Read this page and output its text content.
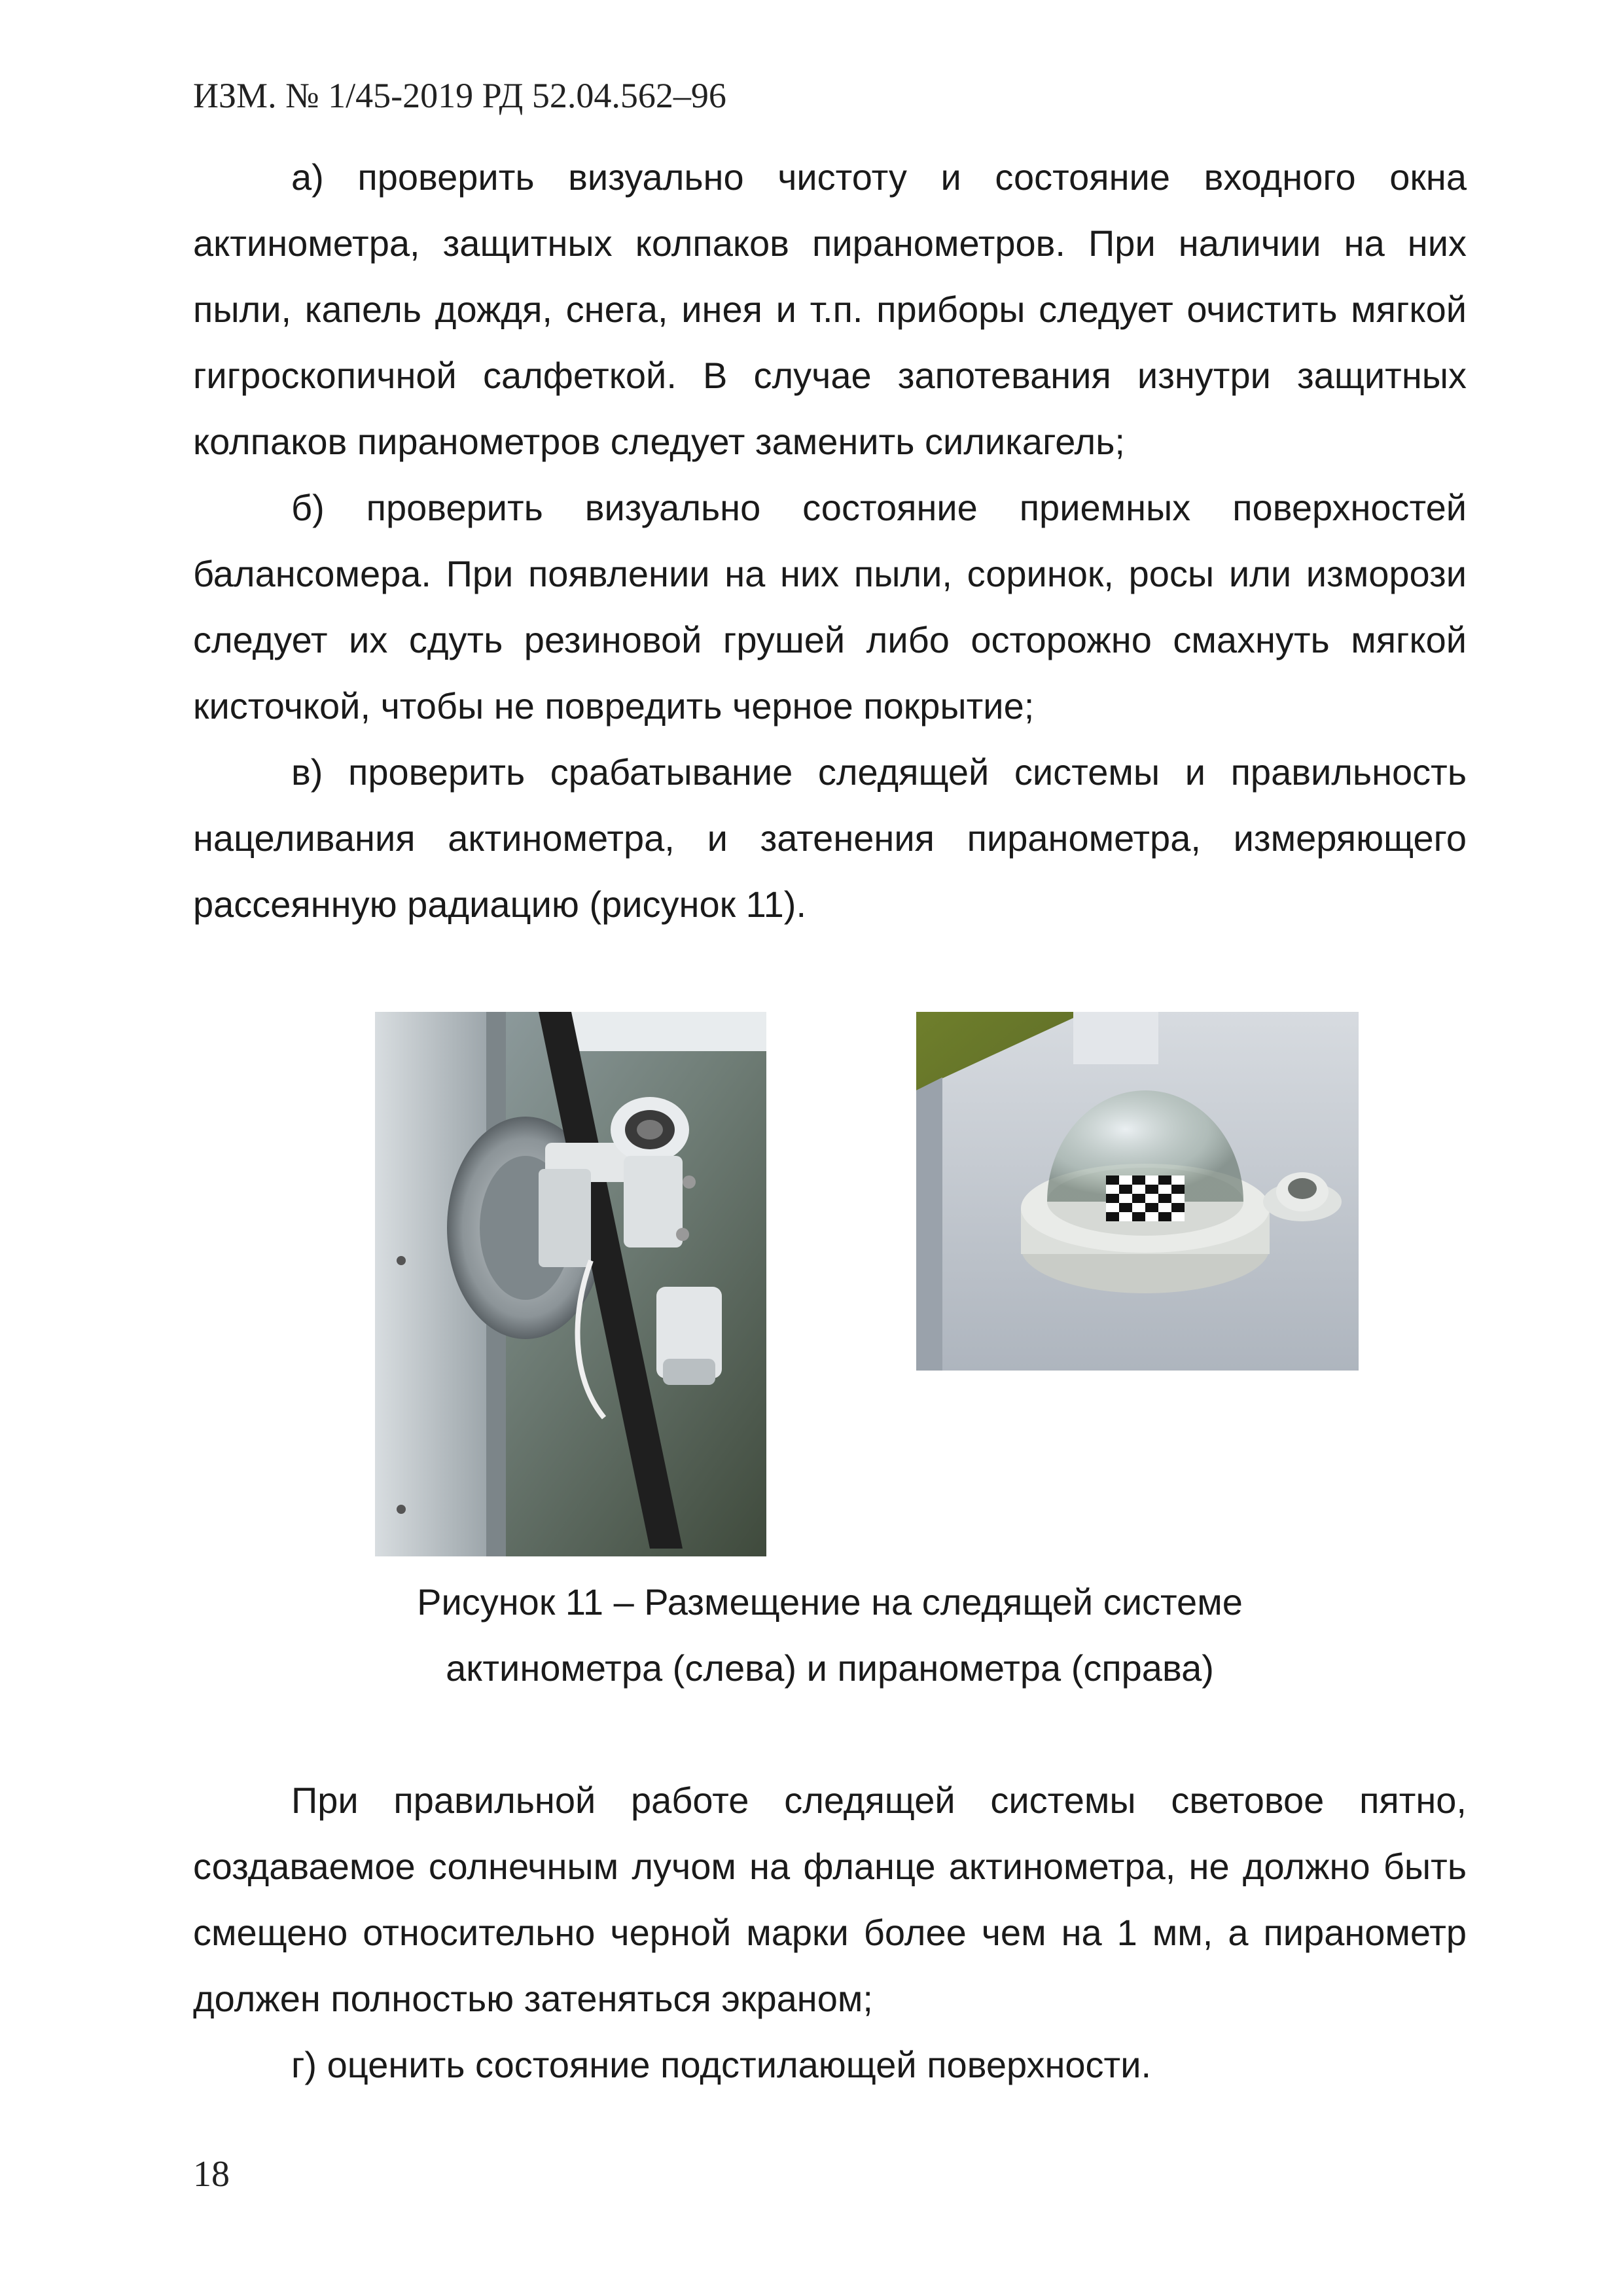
ИЗМ. № 1/45-2019 РД 52.04.562–96

а) проверить визуально чистоту и состояние входного окна актинометра, защитных колпаков пиранометров. При наличии на них пыли, капель дождя, снега, инея и т.п. приборы следует очистить мягкой гигроскопичной салфеткой. В случае запотевания изнутри защитных колпаков пиранометров следует заменить силикагель;

б) проверить визуально состояние приемных поверхностей балансомера. При появлении на них пыли, соринок, росы или изморози следует их сдуть резиновой грушей либо осторожно смахнуть мягкой кисточкой, чтобы не повредить черное покрытие;

в) проверить срабатывание следящей системы и правильность нацеливания актинометра, и затенения пиранометра, измеряющего рассеянную радиацию (рисунок 11).

Рисунок 11 – Размещение на следящей системе
актинометра (слева) и пиранометра (справа)

При правильной работе следящей системы световое пятно, создаваемое солнечным лучом на фланце актинометра, не должно быть смещено относительно черной марки более чем на 1 мм, а пиранометр должен полностью затеняться экраном;

г) оценить состояние подстилающей поверхности.

18
